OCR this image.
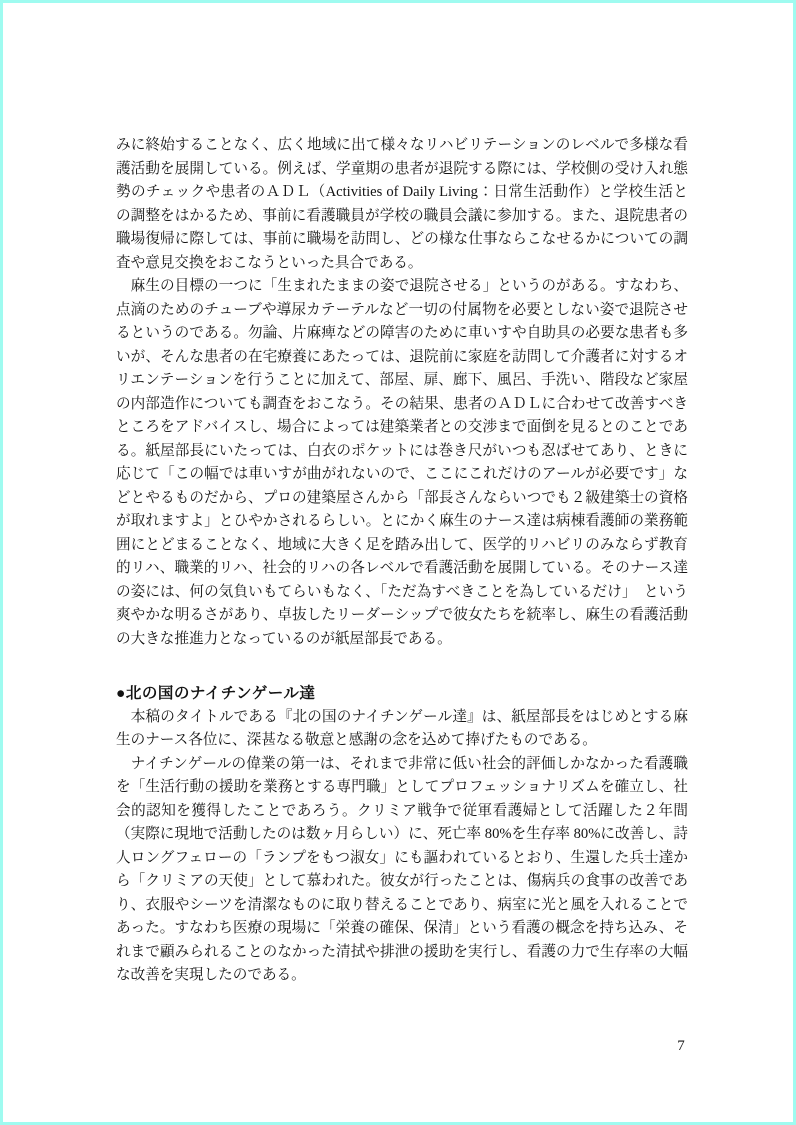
みに終始することなく、広く地域に出て様々なリハビリテーションのレベルで多様な看護活動を展開している。例えば、学童期の患者が退院する際には、学校側の受け入れ態勢のチェックや患者のＡＤＬ（Activities of Daily Living：日常生活動作）と学校生活との調整をはかるため、事前に看護職員が学校の職員会議に参加する。また、退院患者の職場復帰に際しては、事前に職場を訪問し、どの様な仕事ならこなせるかについての調査や意見交換をおこなうといった具合である。

　麻生の目標の一つに「生まれたままの姿で退院させる」というのがある。すなわち、点滴のためのチューブや導尿カテーテルなど一切の付属物を必要としない姿で退院させるというのである。勿論、片麻痺などの障害のために車いすや自助具の必要な患者も多いが、そんな患者の在宅療養にあたっては、退院前に家庭を訪問して介護者に対するオリエンテーションを行うことに加えて、部屋、扉、廊下、風呂、手洗い、階段など家屋の内部造作についても調査をおこなう。その結果、患者のＡＤＬに合わせて改善すべきところをアドバイスし、場合によっては建築業者との交渉まで面倒を見るとのことである。紙屋部長にいたっては、白衣のポケットには巻き尺がいつも忍ばせてあり、ときに応じて「この幅では車いすが曲がれないので、ここにこれだけのアールが必要です」などとやるものだから、プロの建築屋さんから「部長さんならいつでも２級建築士の資格が取れますよ」とひやかされるらしい。とにかく麻生のナース達は病棟看護師の業務範囲にとどまることなく、地域に大きく足を踏み出して、医学的リハビリのみならず教育的リハ、職業的リハ、社会的リハの各レベルで看護活動を展開している。そのナース達の姿には、何の気負いもてらいもなく、「ただ為すべきことを為しているだけ」　という爽やかな明るさがあり、卓抜したリーダーシップで彼女たちを統率し、麻生の看護活動の大きな推進力となっているのが紙屋部長である。

●北の国のナイチンゲール達

　本稿のタイトルである『北の国のナイチンゲール達』は、紙屋部長をはじめとする麻生のナース各位に、深甚なる敬意と感謝の念を込めて捧げたものである。

　ナイチンゲールの偉業の第一は、それまで非常に低い社会的評価しかなかった看護職を「生活行動の援助を業務とする専門職」としてプロフェッショナリズムを確立し、社会的認知を獲得したことであろう。クリミア戦争で従軍看護婦として活躍した２年間（実際に現地で活動したのは数ヶ月らしい）に、死亡率 80%を生存率 80%に改善し、詩人ロングフェローの「ランプをもつ淑女」にも謳われているとおり、生還した兵士達から「クリミアの天使」として慕われた。彼女が行ったことは、傷病兵の食事の改善であり、衣服やシーツを清潔なものに取り替えることであり、病室に光と風を入れることであった。すなわち医療の現場に「栄養の確保、保清」という看護の概念を持ち込み、それまで顧みられることのなかった清拭や排泄の援助を実行し、看護の力で生存率の大幅な改善を実現したのである。

7
